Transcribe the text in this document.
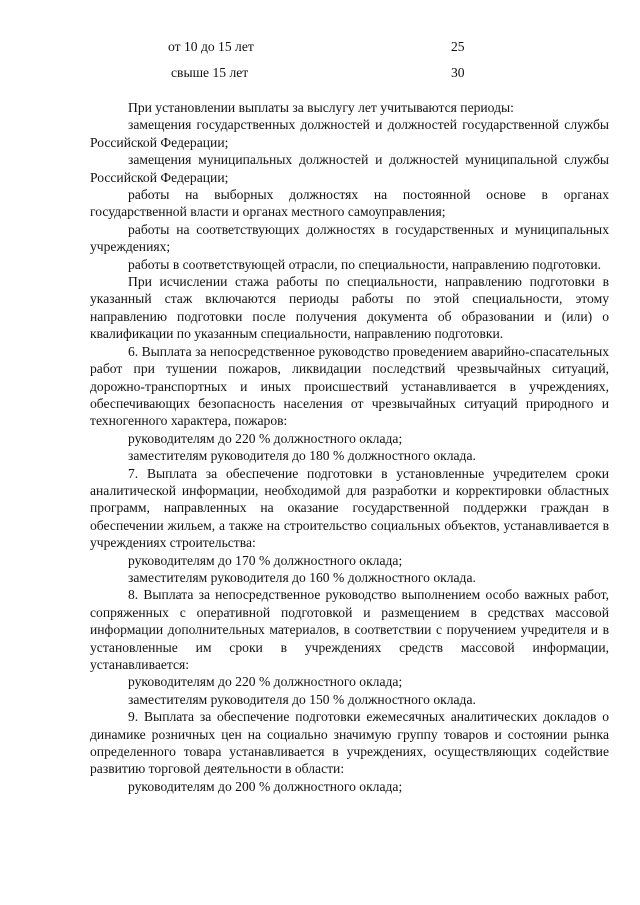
от 10 до 15 лет	25
свыше 15 лет	30

При установлении выплаты за выслугу лет учитываются периоды:

замещения государственных должностей и должностей государственной службы Российской Федерации;

замещения муниципальных должностей и должностей муниципальной службы Российской Федерации;

работы на выборных должностях на постоянной основе в органах государственной власти и органах местного самоуправления;

работы на соответствующих должностях в государственных и муниципальных учреждениях;

работы в соответствующей отрасли, по специальности, направлению подготовки.

При исчислении стажа работы по специальности, направлению подготовки в указанный стаж включаются периоды работы по этой специальности, этому направлению подготовки после получения документа об образовании и (или) о квалификации по указанным специальности, направлению подготовки.

6. Выплата за непосредственное руководство проведением аварийно-спасательных работ при тушении пожаров, ликвидации последствий чрезвычайных ситуаций, дорожно-транспортных и иных происшествий устанавливается в учреждениях, обеспечивающих безопасность населения от чрезвычайных ситуаций природного и техногенного характера, пожаров:

руководителям до 220 % должностного оклада;

заместителям руководителя до 180 % должностного оклада.

7. Выплата за обеспечение подготовки в установленные учредителем сроки аналитической информации, необходимой для разработки и корректировки областных программ, направленных на оказание государственной поддержки граждан в обеспечении жильем, а также на строительство социальных объектов, устанавливается в учреждениях строительства:

руководителям до 170 % должностного оклада;

заместителям руководителя до 160 % должностного оклада.

8. Выплата за непосредственное руководство выполнением особо важных работ, сопряженных с оперативной подготовкой и размещением в средствах массовой информации дополнительных материалов, в соответствии с поручением учредителя и в установленные им сроки в учреждениях средств массовой информации, устанавливается:

руководителям до 220 % должностного оклада;

заместителям руководителя до 150 % должностного оклада.

9. Выплата за обеспечение подготовки ежемесячных аналитических докладов о динамике розничных цен на социально значимую группу товаров и состоянии рынка определенного товара устанавливается в учреждениях, осуществляющих содействие развитию торговой деятельности в области:

руководителям до 200 % должностного оклада;
